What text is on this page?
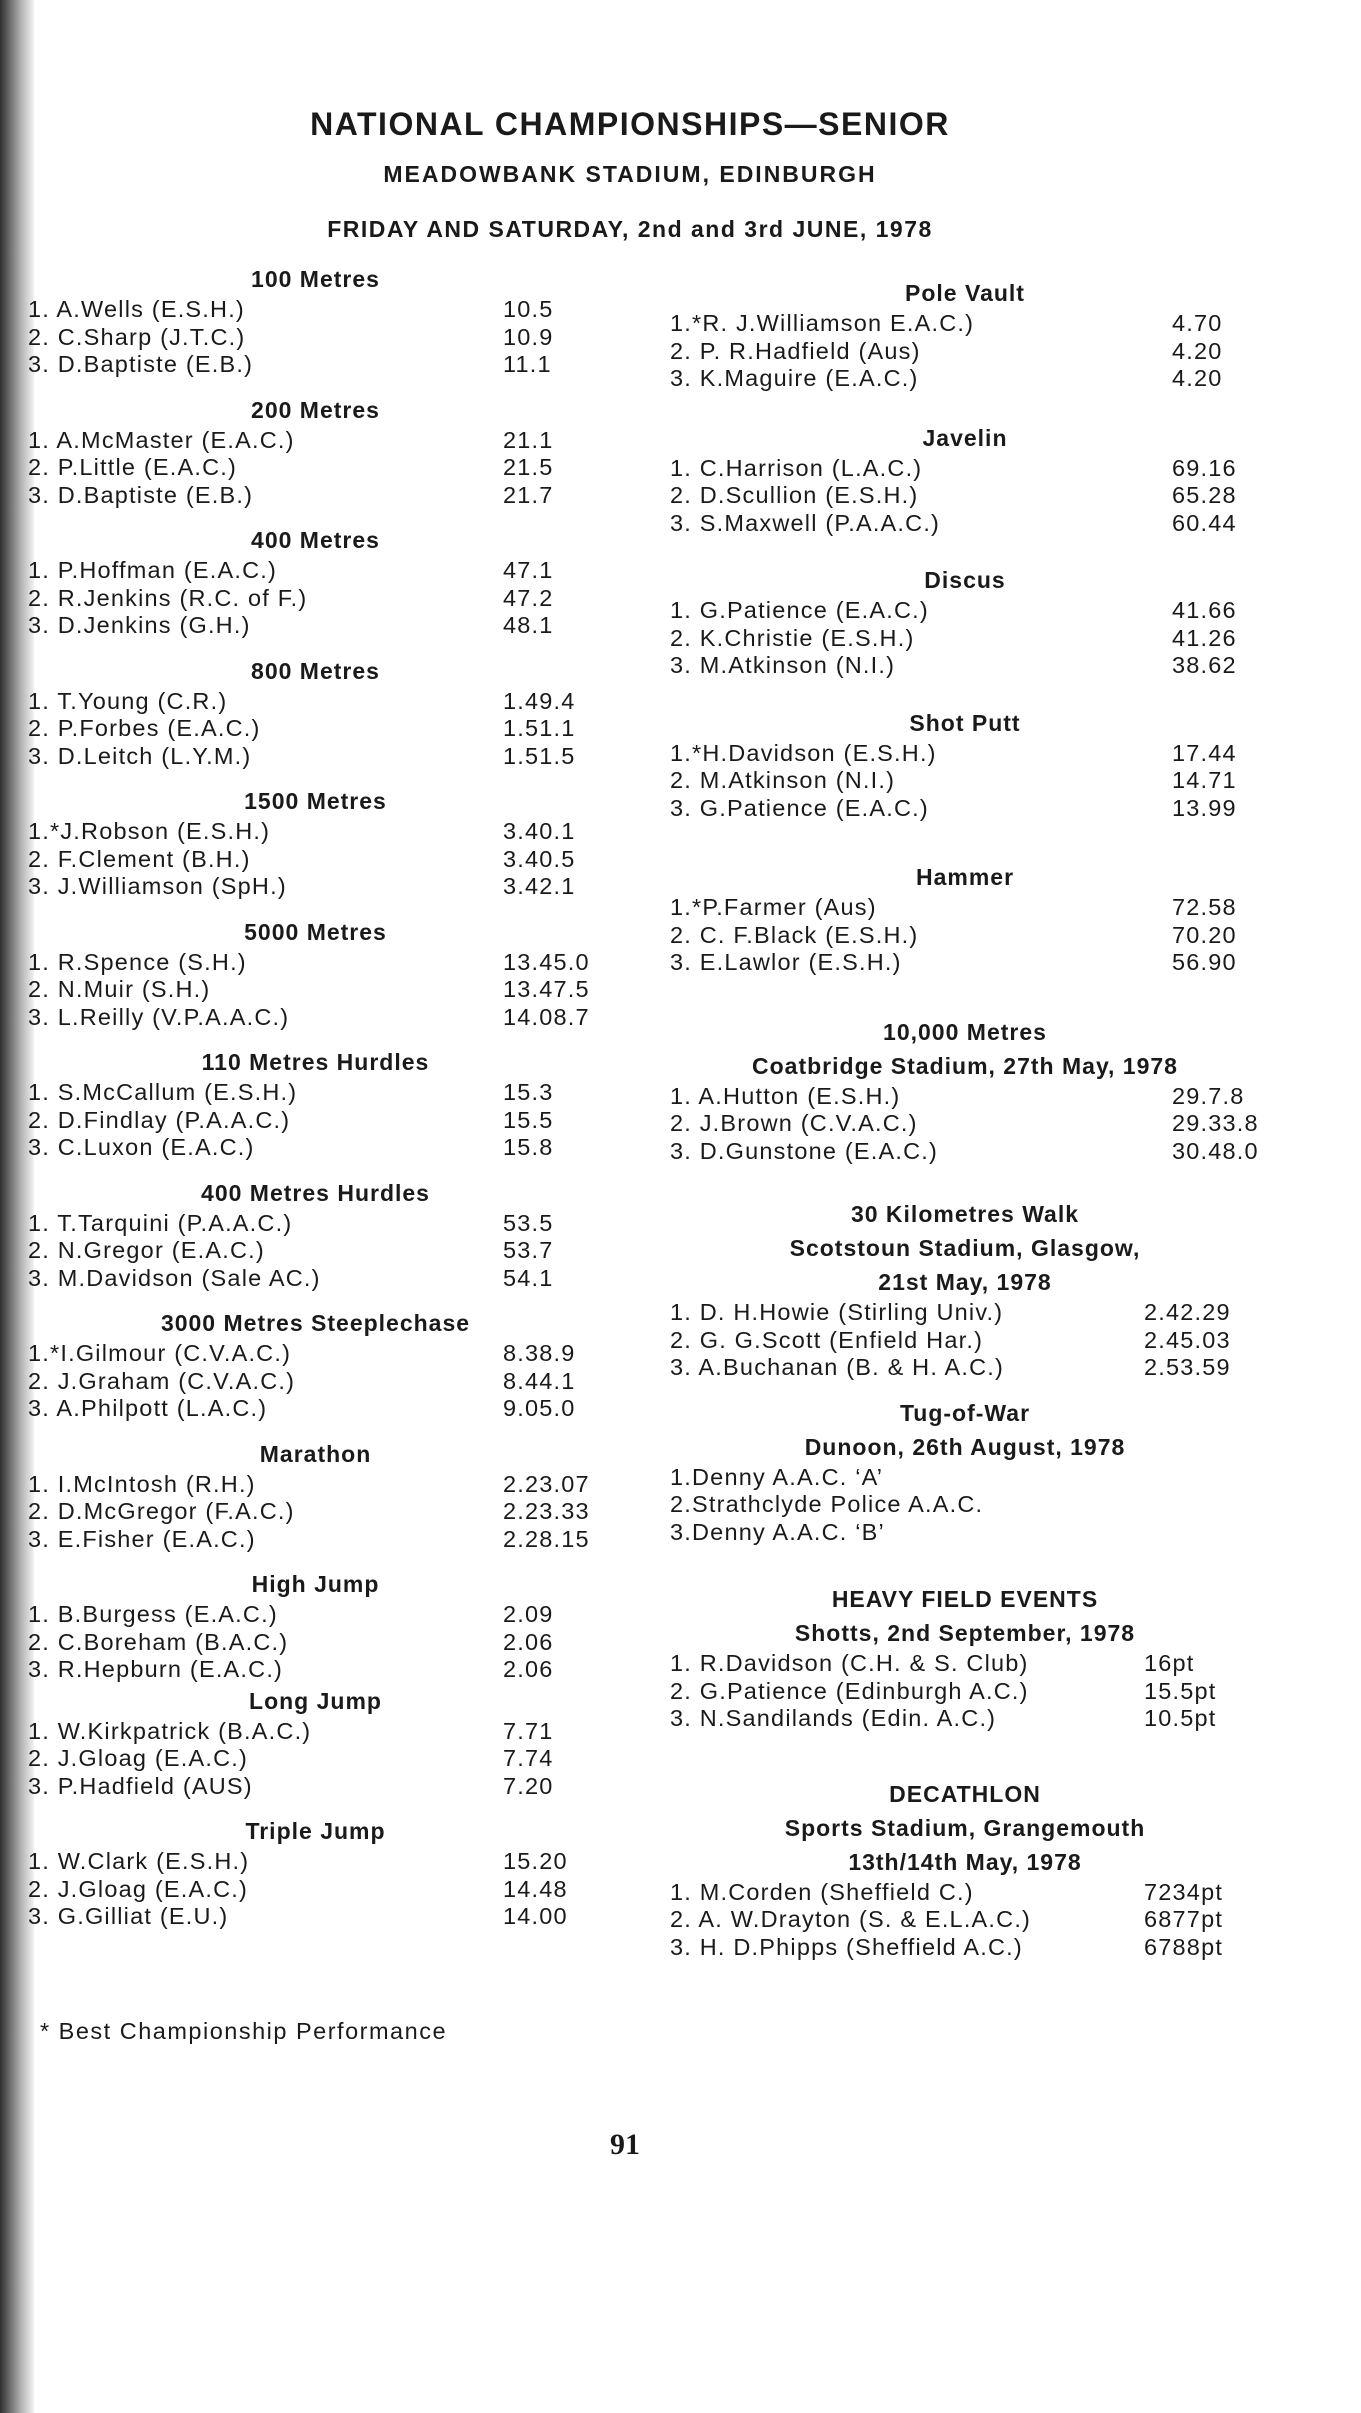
NATIONAL CHAMPIONSHIPS—SENIOR
MEADOWBANK STADIUM, EDINBURGH
FRIDAY AND SATURDAY, 2nd and 3rd JUNE, 1978
100 Metres
1. A. Wells (E.S.H.)	10.5
2. C. Sharp (J.T.C.)	10.9
3. D. Baptiste (E.B.)	11.1
200 Metres
1. A. McMaster (E.A.C.)	21.1
2. P. Little (E.A.C.)	21.5
3. D. Baptiste (E.B.)	21.7
400 Metres
1. P. Hoffman (E.A.C.)	47.1
2. R. Jenkins (R.C. of F.)	47.2
3. D. Jenkins (G.H.)	48.1
800 Metres
1. T. Young (C.R.)	1.49.4
2. P. Forbes (E.A.C.)	1.51.1
3. D. Leitch (L.Y.M.)	1.51.5
1500 Metres
1.*J. Robson (E.S.H.)	3.40.1
2. F. Clement (B.H.)	3.40.5
3. J. Williamson (SpH.)	3.42.1
5000 Metres
1. R. Spence (S.H.)	13.45.0
2. N. Muir (S.H.)	13.47.5
3. L. Reilly (V.P.A.A.C.)	14.08.7
110 Metres Hurdles
1. S. McCallum (E.S.H.)	15.3
2. D. Findlay (P.A.A.C.)	15.5
3. C. Luxon (E.A.C.)	15.8
400 Metres Hurdles
1. T. Tarquini (P.A.A.C.)	53.5
2. N. Gregor (E.A.C.)	53.7
3. M. Davidson (Sale AC.)	54.1
3000 Metres Steeplechase
1.*I. Gilmour (C.V.A.C.)	8.38.9
2. J. Graham (C.V.A.C.)	8.44.1
3. A. Philpott (L.A.C.)	9.05.0
Marathon
1. I. McIntosh (R.H.)	2.23.07
2. D. McGregor (F.A.C.)	2.23.33
3. E. Fisher (E.A.C.)	2.28.15
High Jump
1. B. Burgess (E.A.C.)	2.09
2. C. Boreham (B.A.C.)	2.06
3. R. Hepburn (E.A.C.)	2.06
Long Jump
1. W. Kirkpatrick (B.A.C.)	7.71
2. J. Gloag (E.A.C.)	7.74
3. P. Hadfield (AUS)	7.20
Triple Jump
1. W. Clark (E.S.H.)	15.20
2. J. Gloag (E.A.C.)	14.48
3. G. Gilliat (E.U.)	14.00
Pole Vault
1.*R. J. Williamson E.A.C.)	4.70
2. P. R. Hadfield (Aus)	4.20
3. K. Maguire (E.A.C.)	4.20
Javelin
1. C. Harrison (L.A.C.)	69.16
2. D. Scullion (E.S.H.)	65.28
3. S. Maxwell (P.A.A.C.)	60.44
Discus
1. G. Patience (E.A.C.)	41.66
2. K. Christie (E.S.H.)	41.26
3. M. Atkinson (N.I.)	38.62
Shot Putt
1.*H. Davidson (E.S.H.)	17.44
2. M. Atkinson (N.I.)	14.71
3. G. Patience (E.A.C.)	13.99
Hammer
1.*P. Farmer (Aus)	72.58
2. C. F. Black (E.S.H.)	70.20
3. E. Lawlor (E.S.H.)	56.90
10,000 Metres
Coatbridge Stadium, 27th May, 1978
1. A. Hutton (E.S.H.)	29.7.8
2. J. Brown (C.V.A.C.)	29.33.8
3. D. Gunstone (E.A.C.)	30.48.0
30 Kilometres Walk
Scotstoun Stadium, Glasgow,
21st May, 1978
1. D. H. Howie (Stirling Univ.)	2.42.29
2. G. G. Scott (Enfield Har.)	2.45.03
3. A. Buchanan (B. & H. A.C.)	2.53.59
Tug-of-War
Dunoon, 26th August, 1978
1. Denny A.A.C. ‘A’
2. Strathclyde Police A.A.C.
3. Denny A.A.C. ‘B’
HEAVY FIELD EVENTS
Shotts, 2nd September, 1978
1. R. Davidson (C.H. & S. Club)	16pt
2. G. Patience (Edinburgh A.C.)	15.5pt
3. N. Sandilands (Edin. A.C.)	10.5pt
DECATHLON
Sports Stadium, Grangemouth
13th/14th May, 1978
1. M. Corden (Sheffield C.)	7234pt
2. A. W. Drayton (S. & E.L.A.C.)	6877pt
3. H. D. Phipps (Sheffield A.C.)	6788pt
* Best Championship Performance
91
